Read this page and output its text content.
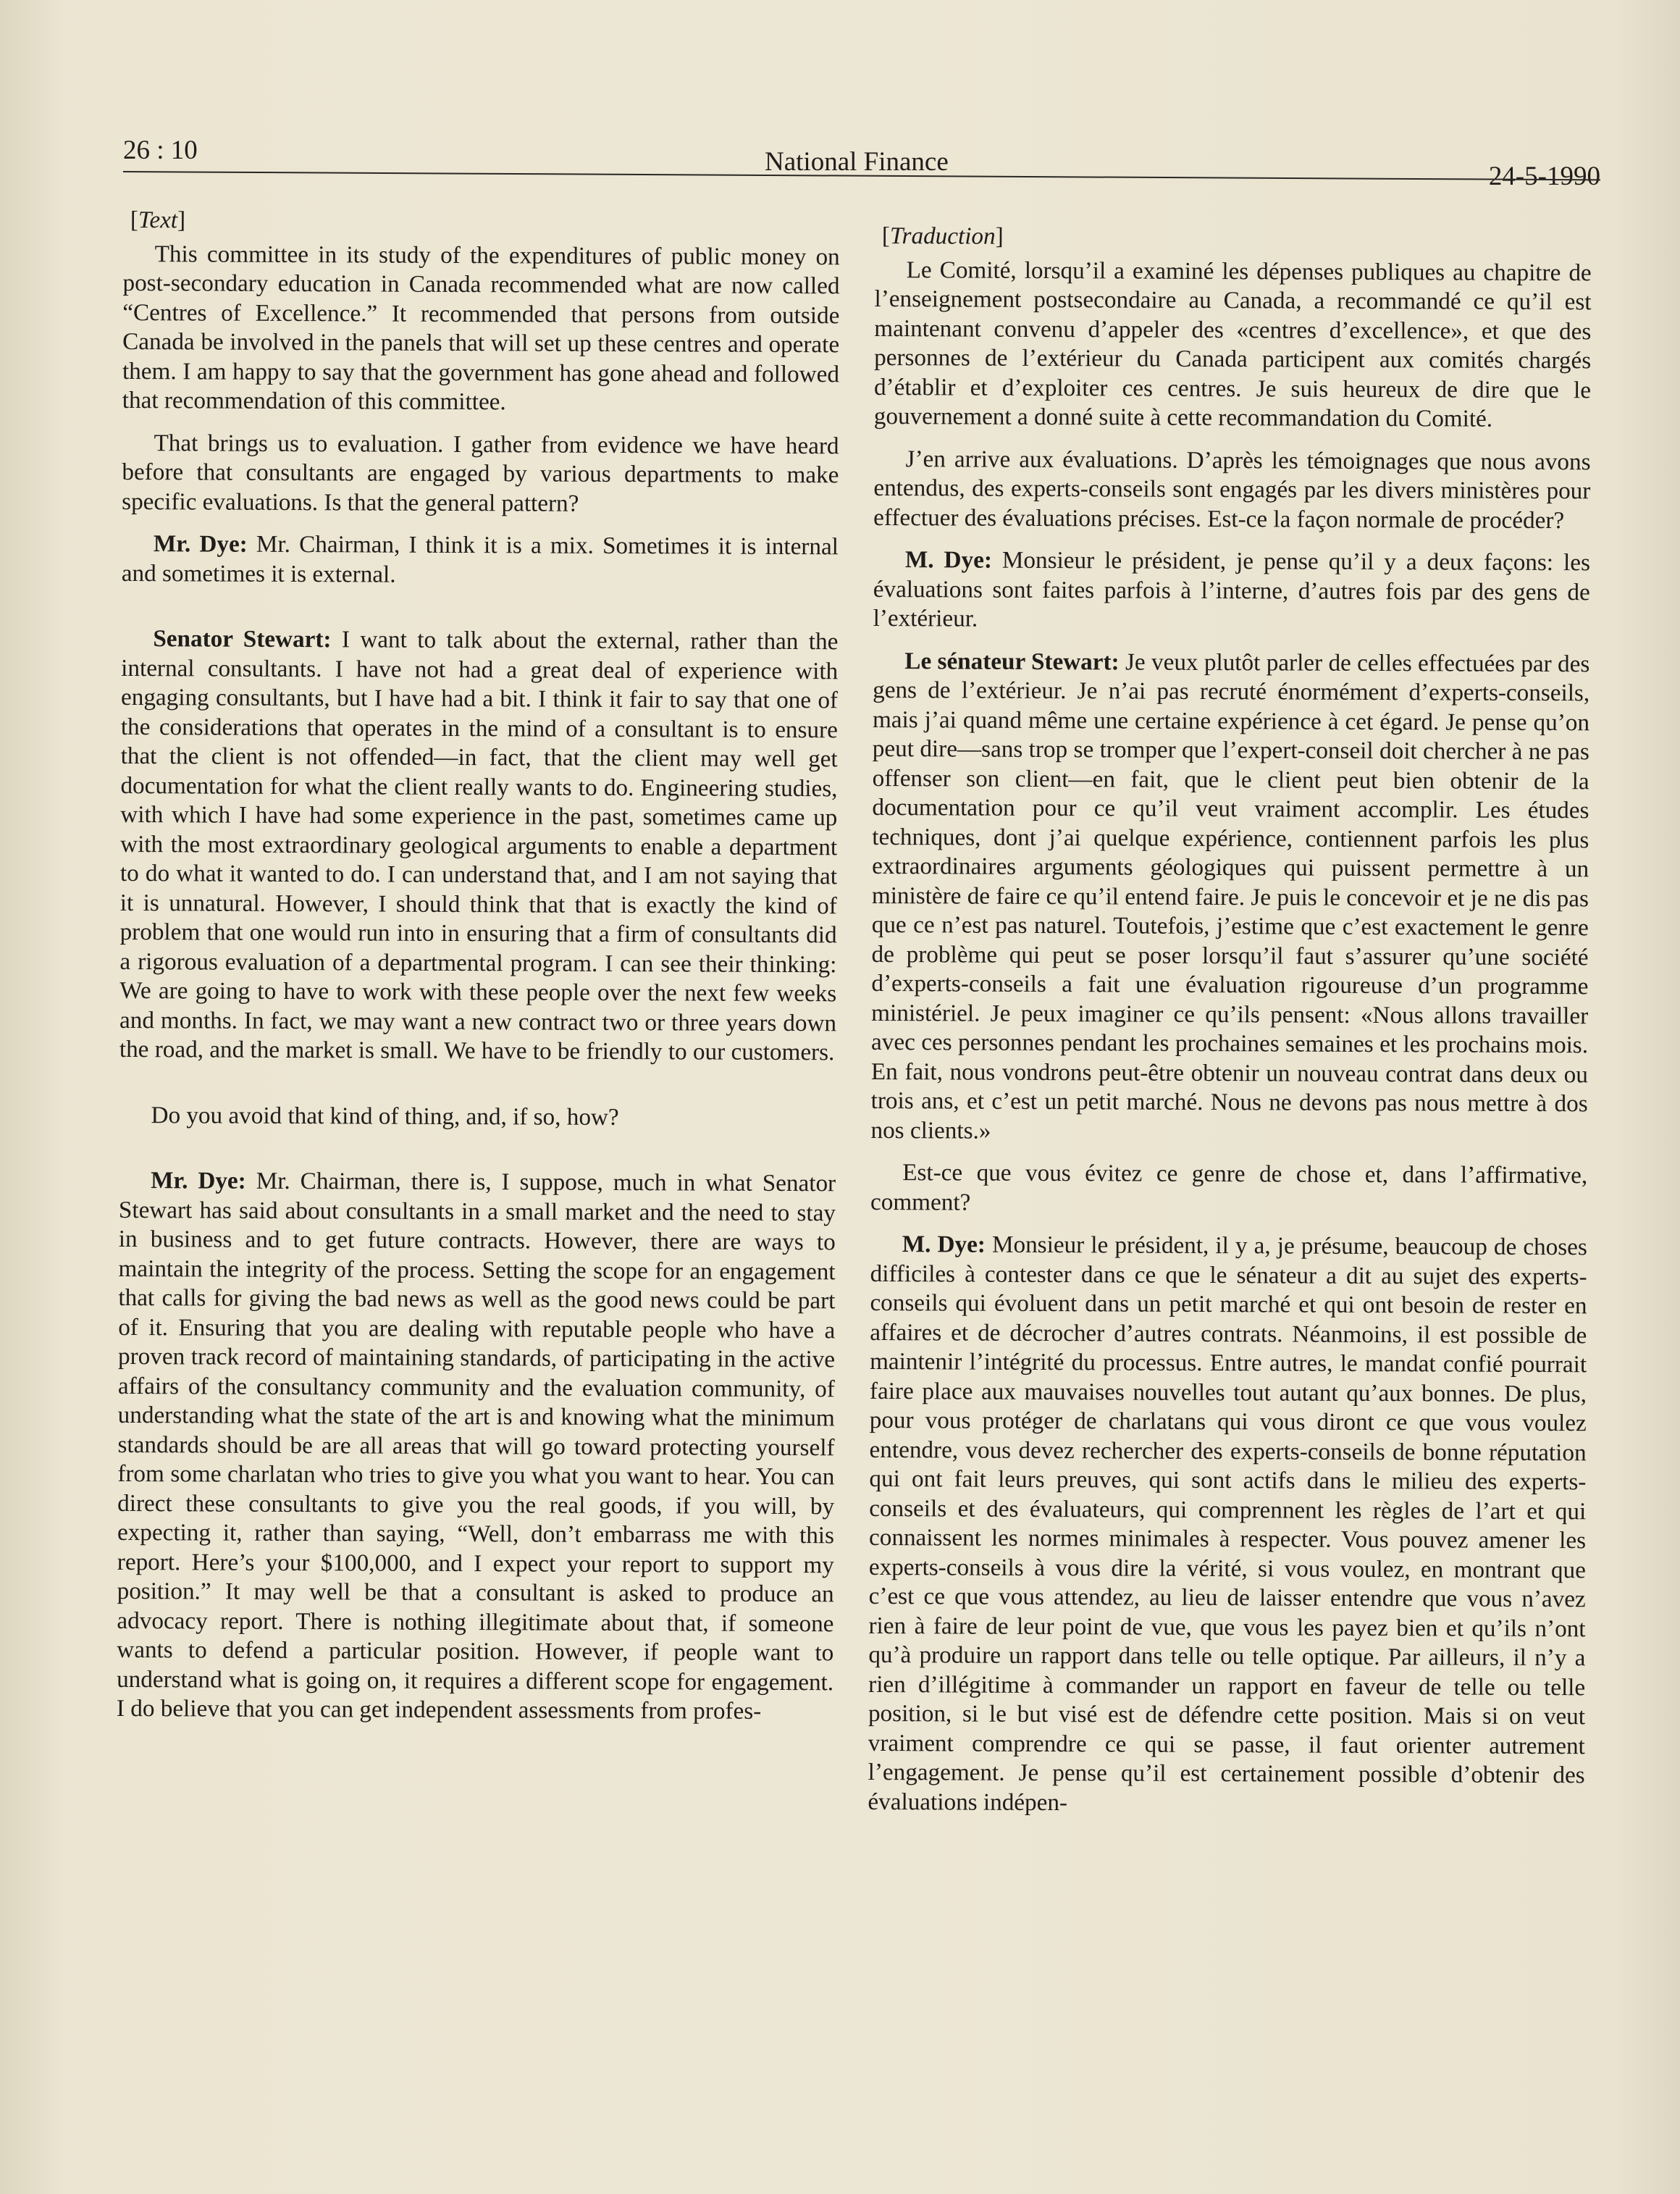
26 : 10	National Finance	24-5-1990
[Text]

This committee in its study of the expenditures of public money on post-secondary education in Canada recommended what are now called “Centres of Excellence.” It recommended that persons from outside Canada be involved in the panels that will set up these centres and operate them. I am happy to say that the government has gone ahead and followed that recommendation of this committee.

That brings us to evaluation. I gather from evidence we have heard before that consultants are engaged by various departments to make specific evaluations. Is that the general pattern?

Mr. Dye: Mr. Chairman, I think it is a mix. Sometimes it is internal and sometimes it is external.

Senator Stewart: I want to talk about the external, rather than the internal consultants. I have not had a great deal of experience with engaging consultants, but I have had a bit. I think it fair to say that one of the considerations that operates in the mind of a consultant is to ensure that the client is not offended—in fact, that the client may well get documentation for what the client really wants to do. Engineering studies, with which I have had some experience in the past, sometimes came up with the most extraordinary geological arguments to enable a department to do what it wanted to do. I can understand that, and I am not saying that it is unnatural. However, I should think that that is exactly the kind of problem that one would run into in ensuring that a firm of consultants did a rigorous evaluation of a departmental program. I can see their thinking: We are going to have to work with these people over the next few weeks and months. In fact, we may want a new contract two or three years down the road, and the market is small. We have to be friendly to our customers.

Do you avoid that kind of thing, and, if so, how?

Mr. Dye: Mr. Chairman, there is, I suppose, much in what Senator Stewart has said about consultants in a small market and the need to stay in business and to get future contracts. However, there are ways to maintain the integrity of the process. Setting the scope for an engagement that calls for giving the bad news as well as the good news could be part of it. Ensuring that you are dealing with reputable people who have a proven track record of maintaining standards, of participating in the active affairs of the consultancy community and the evaluation community, of understanding what the state of the art is and knowing what the minimum standards should be are all areas that will go toward protecting yourself from some charlatan who tries to give you what you want to hear. You can direct these consultants to give you the real goods, if you will, by expecting it, rather than saying, “Well, don’t embarrass me with this report. Here’s your $100,000, and I expect your report to support my position.” It may well be that a consultant is asked to produce an advocacy report. There is nothing illegitimate about that, if someone wants to defend a particular position. However, if people want to understand what is going on, it requires a different scope for engagement. I do believe that you can get independent assessments from profes-

[Traduction]

Le Comité, lorsqu’il a examiné les dépenses publiques au chapitre de l’enseignement postsecondaire au Canada, a recommandé ce qu’il est maintenant convenu d’appeler des «centres d’excellence», et que des personnes de l’extérieur du Canada participent aux comités chargés d’établir et d’exploiter ces centres. Je suis heureux de dire que le gouvernement a donné suite à cette recommandation du Comité.

J’en arrive aux évaluations. D’après les témoignages que nous avons entendus, des experts-conseils sont engagés par les divers ministères pour effectuer des évaluations précises. Est-ce la façon normale de procéder?

M. Dye: Monsieur le président, je pense qu’il y a deux façons: les évaluations sont faites parfois à l’interne, d’autres fois par des gens de l’extérieur.

Le sénateur Stewart: Je veux plutôt parler de celles effectuées par des gens de l’extérieur. Je n’ai pas recruté énormément d’experts-conseils, mais j’ai quand même une certaine expérience à cet égard. Je pense qu’on peut dire—sans trop se tromper que l’expert-conseil doit chercher à ne pas offenser son client—en fait, que le client peut bien obtenir de la documentation pour ce qu’il veut vraiment accomplir. Les études techniques, dont j’ai quelque expérience, contiennent parfois les plus extraordinaires arguments géologiques qui puissent permettre à un ministère de faire ce qu’il entend faire. Je puis le concevoir et je ne dis pas que ce n’est pas naturel. Toutefois, j’estime que c’est exactement le genre de problème qui peut se poser lorsqu’il faut s’assurer qu’une société d’experts-conseils a fait une évaluation rigoureuse d’un programme ministériel. Je peux imaginer ce qu’ils pensent: «Nous allons travailler avec ces personnes pendant les prochaines semaines et les prochains mois. En fait, nous vondrons peut-être obtenir un nouveau contrat dans deux ou trois ans, et c’est un petit marché. Nous ne devons pas nous mettre à dos nos clients.»

Est-ce que vous évitez ce genre de chose et, dans l’affirmative, comment?

M. Dye: Monsieur le président, il y a, je présume, beaucoup de choses difficiles à contester dans ce que le sénateur a dit au sujet des experts-conseils qui évoluent dans un petit marché et qui ont besoin de rester en affaires et de décrocher d’autres contrats. Néanmoins, il est possible de maintenir l’intégrité du processus. Entre autres, le mandat confié pourrait faire place aux mauvaises nouvelles tout autant qu’aux bonnes. De plus, pour vous protéger de charlatans qui vous diront ce que vous voulez entendre, vous devez rechercher des experts-conseils de bonne réputation qui ont fait leurs preuves, qui sont actifs dans le milieu des experts-conseils et des évaluateurs, qui comprennent les règles de l’art et qui connaissent les normes minimales à respecter. Vous pouvez amener les experts-conseils à vous dire la vérité, si vous voulez, en montrant que c’est ce que vous attendez, au lieu de laisser entendre que vous n’avez rien à faire de leur point de vue, que vous les payez bien et qu’ils n’ont qu’à produire un rapport dans telle ou telle optique. Par ailleurs, il n’y a rien d’illégitime à commander un rapport en faveur de telle ou telle position, si le but visé est de défendre cette position. Mais si on veut vraiment comprendre ce qui se passe, il faut orienter autrement l’engagement. Je pense qu’il est certainement possible d’obtenir des évaluations indépen-
